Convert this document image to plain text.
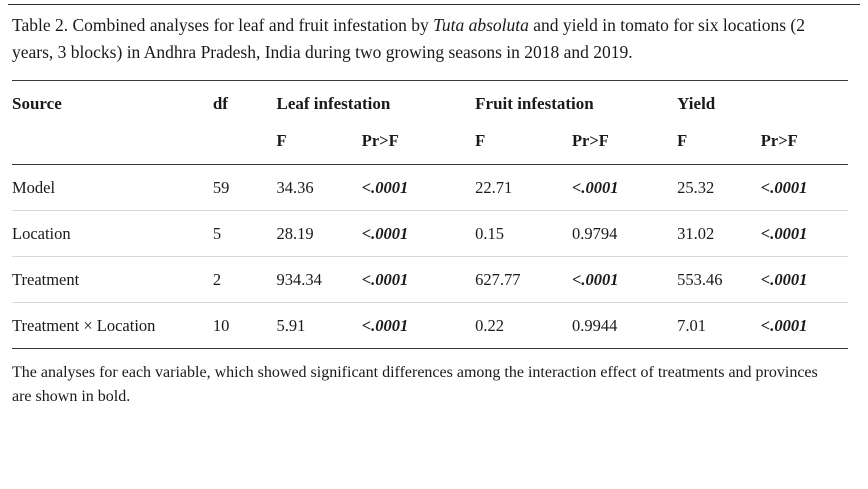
Table 2. Combined analyses for leaf and fruit infestation by Tuta absoluta and yield in tomato for six locations (2 years, 3 blocks) in Andhra Pradesh, India during two growing seasons in 2018 and 2019.

Source	df	Leaf infestation		Fruit infestation		Yield	
		F	Pr>F	F	Pr>F	F	Pr>F

Model	59	34.36	<.0001	22.71	<.0001	25.32	<.0001
Location	5	28.19	<.0001	0.15	0.9794	31.02	<.0001
Treatment	2	934.34	<.0001	627.77	<.0001	553.46	<.0001
Treatment × Location	10	5.91	<.0001	0.22	0.9944	7.01	<.0001

The analyses for each variable, which showed significant differences among the interaction effect of treatments and provinces are shown in bold.
